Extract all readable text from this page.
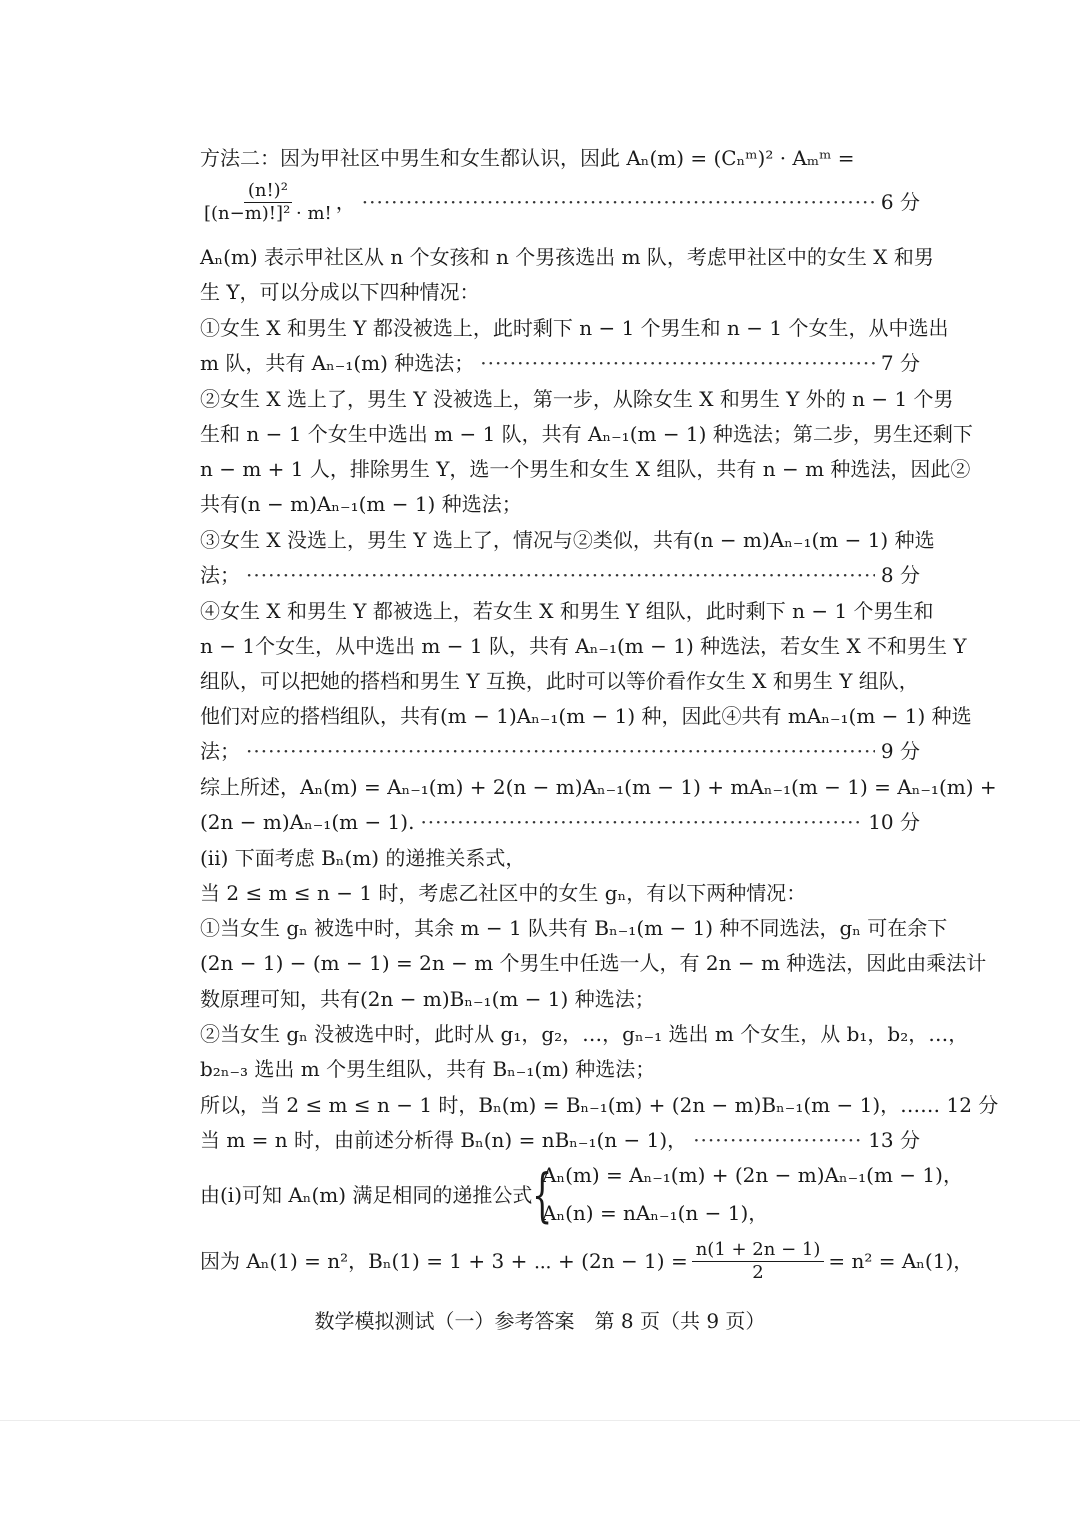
方法二：因为甲社区中男生和女生都认识，因此 Aₙ(m) = (Cₙᵐ)² · Aₘᵐ =
$\frac{\text{(n!)²}}{\text{[(n−m)!]² · m!}}$ ， ·····	6 分
Aₙ(m) 表示甲社区从 n 个女孩和 n 个男孩选出 m 队，考虑甲社区中的女生 X 和男
生 Y，可以分成以下四种情况：
①女生 X 和男生 Y 都没被选上，此时剩下 n − 1 个男生和 n − 1 个女生，从中选出
m 队，共有 Aₙ₋₁(m) 种选法； ·····	7 分
②女生 X 选上了，男生 Y 没被选上，第一步，从除女生 X 和男生 Y 外的 n − 1 个男
生和 n − 1 个女生中选出 m − 1 队，共有 Aₙ₋₁(m − 1) 种选法；第二步，男生还剩下
n − m + 1 人，排除男生 Y，选一个男生和女生 X 组队，共有 n − m 种选法，因此②
共有(n − m)Aₙ₋₁(m − 1) 种选法；
③女生 X 没选上，男生 Y 选上了，情况与②类似，共有(n − m)Aₙ₋₁(m − 1) 种选
法； ·····	8 分
④女生 X 和男生 Y 都被选上，若女生 X 和男生 Y 组队，此时剩下 n − 1 个男生和
n − 1个女生，从中选出 m − 1 队，共有 Aₙ₋₁(m − 1) 种选法，若女生 X 不和男生 Y
组队，可以把她的搭档和男生 Y 互换，此时可以等价看作女生 X 和男生 Y 组队，
他们对应的搭档组队，共有(m − 1)Aₙ₋₁(m − 1) 种，因此④共有 mAₙ₋₁(m − 1) 种选
法； ·····	9 分
综上所述，Aₙ(m) = Aₙ₋₁(m) + 2(n − m)Aₙ₋₁(m − 1) + mAₙ₋₁(m − 1) = Aₙ₋₁(m) +
(2n − m)Aₙ₋₁(m − 1). ·····	10 分
(ii) 下面考虑 Bₙ(m) 的递推关系式，
当 2 ≤ m ≤ n − 1 时，考虑乙社区中的女生 gₙ，有以下两种情况：
①当女生 gₙ 被选中时，其余 m − 1 队共有 Bₙ₋₁(m − 1) 种不同选法，gₙ 可在余下
(2n − 1) − (m − 1) = 2n − m 个男生中任选一人，有 2n − m 种选法，因此由乘法计
数原理可知，共有(2n − m)Bₙ₋₁(m − 1) 种选法；
②当女生 gₙ 没被选中时，此时从 g₁，g₂，…，gₙ₋₁ 选出 m 个女生，从 b₁，b₂，…，
b₂ₙ₋₃ 选出 m 个男生组队，共有 Bₙ₋₁(m) 种选法；
所以，当 2 ≤ m ≤ n − 1 时，Bₙ(m) = Bₙ₋₁(m) + (2n − m)Bₙ₋₁(m − 1)， …… 12 分
当 m = n 时，由前述分析得 Bₙ(n) = nBₙ₋₁(n − 1)， ·····	13 分
由(i)可知 Aₙ(m) 满足相同的递推公式 {
Aₙ(m) = Aₙ₋₁(m) + (2n − m)Aₙ₋₁(m − 1)，
Aₙ(n) = nAₙ₋₁(n − 1)，
因为 Aₙ(1) = n²，Bₙ(1) = 1 + 3 + ⋯ + $(2n - 1) = \frac{n(1 + 2n - 1)}{2} = n^2 = A_n(1)$，
数学模拟测试（一）参考答案　第 8 页（共 9 页）
